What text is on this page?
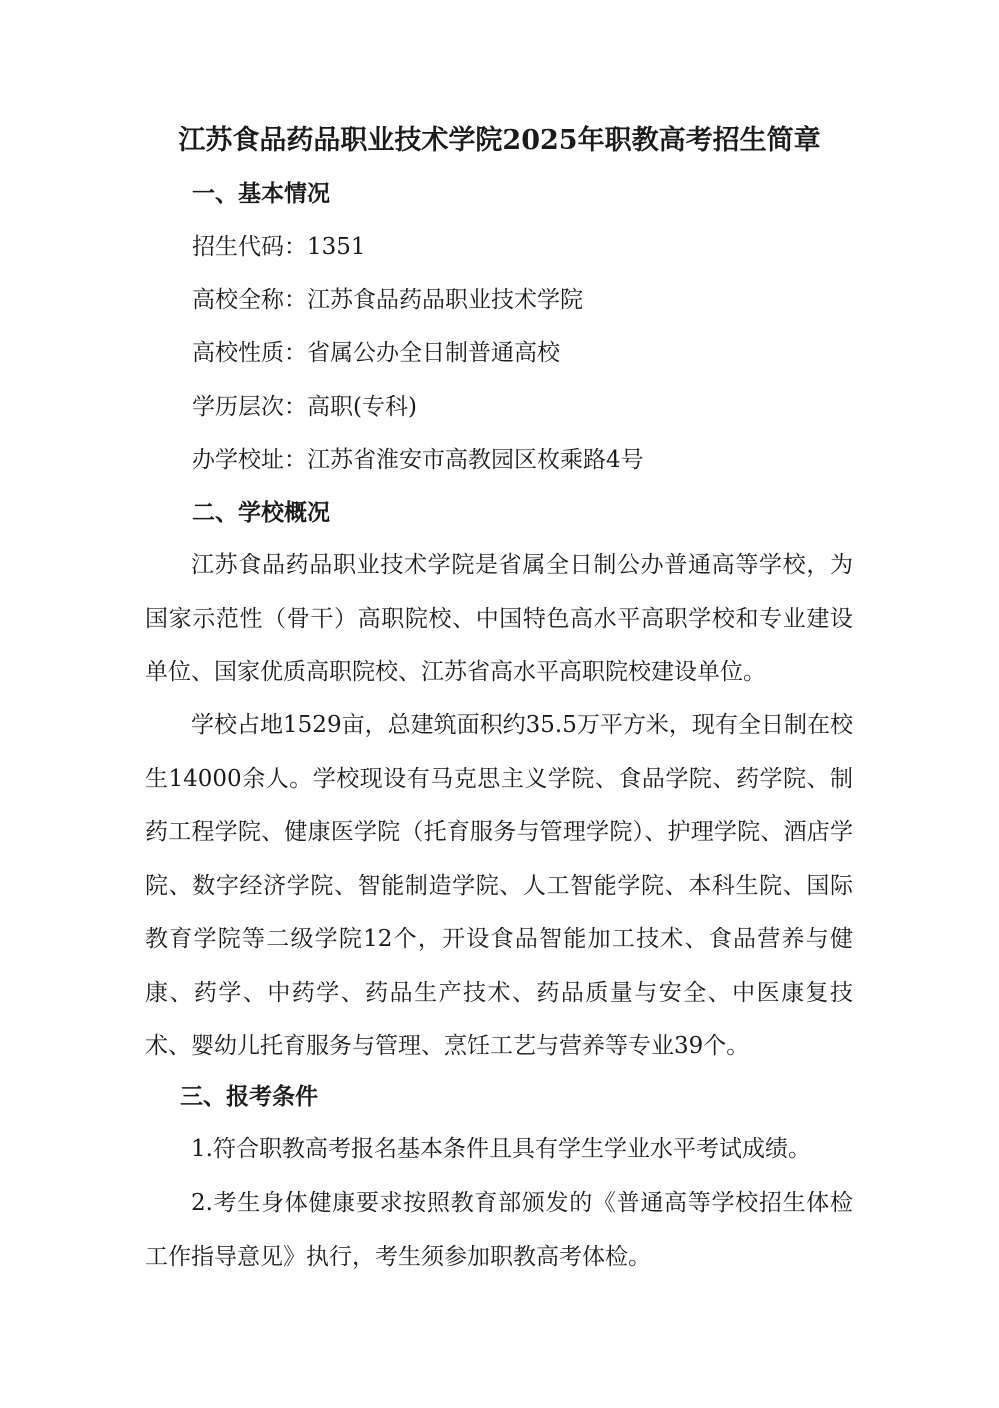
江苏食品药品职业技术学院2025年职教高考招生简章
一、基本情况
招生代码：1351
高校全称：江苏食品药品职业技术学院
高校性质：省属公办全日制普通高校
学历层次：高职(专科)
办学校址：江苏省淮安市高教园区枚乘路4号
二、学校概况
江苏食品药品职业技术学院是省属全日制公办普通高等学校，为国家示范性（骨干）高职院校、中国特色高水平高职学校和专业建设单位、国家优质高职院校、江苏省高水平高职院校建设单位。
学校占地1529亩，总建筑面积约35.5万平方米，现有全日制在校生14000余人。学校现设有马克思主义学院、食品学院、药学院、制药工程学院、健康医学院（托育服务与管理学院）、护理学院、酒店学院、数字经济学院、智能制造学院、人工智能学院、本科生院、国际教育学院等二级学院12个，开设食品智能加工技术、食品营养与健康、药学、中药学、药品生产技术、药品质量与安全、中医康复技术、婴幼儿托育服务与管理、烹饪工艺与营养等专业39个。
三、报考条件
1.符合职教高考报名基本条件且具有学生学业水平考试成绩。
2.考生身体健康要求按照教育部颁发的《普通高等学校招生体检工作指导意见》执行，考生须参加职教高考体检。
